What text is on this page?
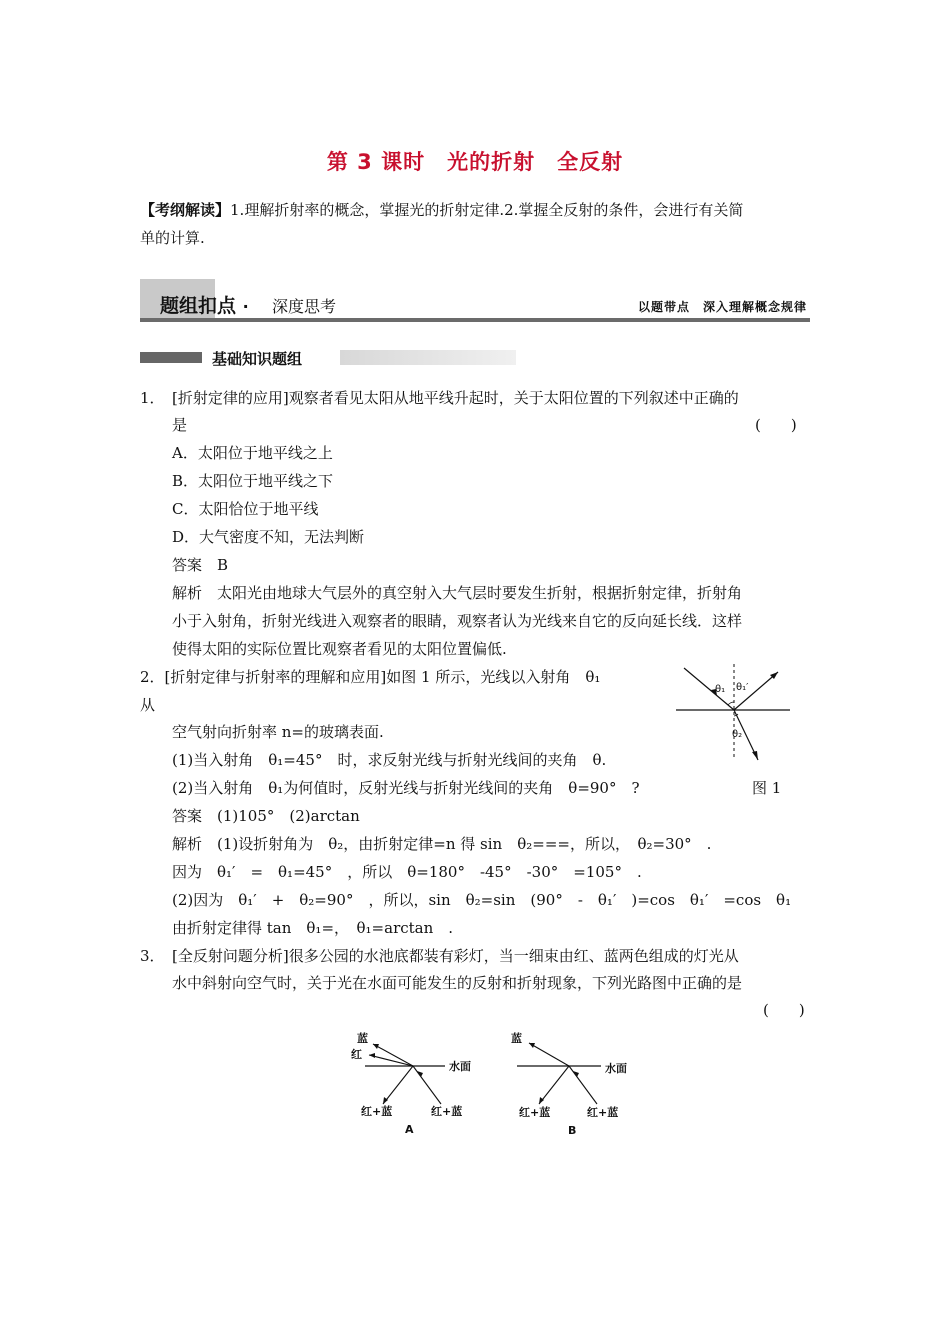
第 3 课时　光的折射　全反射
【考纲解读】1.理解折射率的概念，掌握光的折射定律.2.掌握全反射的条件，会进行有关简
单的计算.
题组扣点 · 深度思考	以题带点　深入理解概念规律
基础知识题组
1． [折射定律的应用]观察者看见太阳从地平线升起时，关于太阳位置的下列叙述中正确的
是	(　　)
A．太阳位于地平线之上
B．太阳位于地平线之下
C．太阳恰位于地平线
D．大气密度不知，无法判断
答案　B
解析　太阳光由地球大气层外的真空射入大气层时要发生折射，根据折射定律，折射角
小于入射角，折射光线进入观察者的眼睛，观察者认为光线来自它的反向延长线．这样
使得太阳的实际位置比观察者看见的太阳位置偏低.
2．[折射定律与折射率的理解和应用]如图 1 所示，光线以入射角　θ₁
从
空气射向折射率 n=的玻璃表面.
(1)当入射角　θ₁=45°　时，求反射光线与折射光线间的夹角　θ.
(2)当入射角　θ₁为何值时，反射光线与折射光线间的夹角　θ=90°　?
θ₁ θ₁′
θ₂
图 1
答案　(1)105°　(2)arctan
解析　(1)设折射角为　θ₂，由折射定律=n 得 sin　θ₂===，所以，　θ₂=30°　.
因为　θ₁′　=　θ₁=45°　，所以　θ=180°　-45°　-30°　=105°　.
(2)因为　θ₁′　+　θ₂=90°　，所以，sin　θ₂=sin　(90°　-　θ₁′　)=cos　θ₁′　=cos　θ₁
由折射定律得 tan　θ₁=，　θ₁=arctan　.
3． [全反射问题分析]很多公园的水池底都装有彩灯，当一细束由红、蓝两色组成的灯光从
水中斜射向空气时，关于光在水面可能发生的反射和折射现象，下列光路图中正确的是
(　　)
蓝
红
水面
红+蓝	红+蓝
A
蓝
水面
红+蓝	红+蓝
B
